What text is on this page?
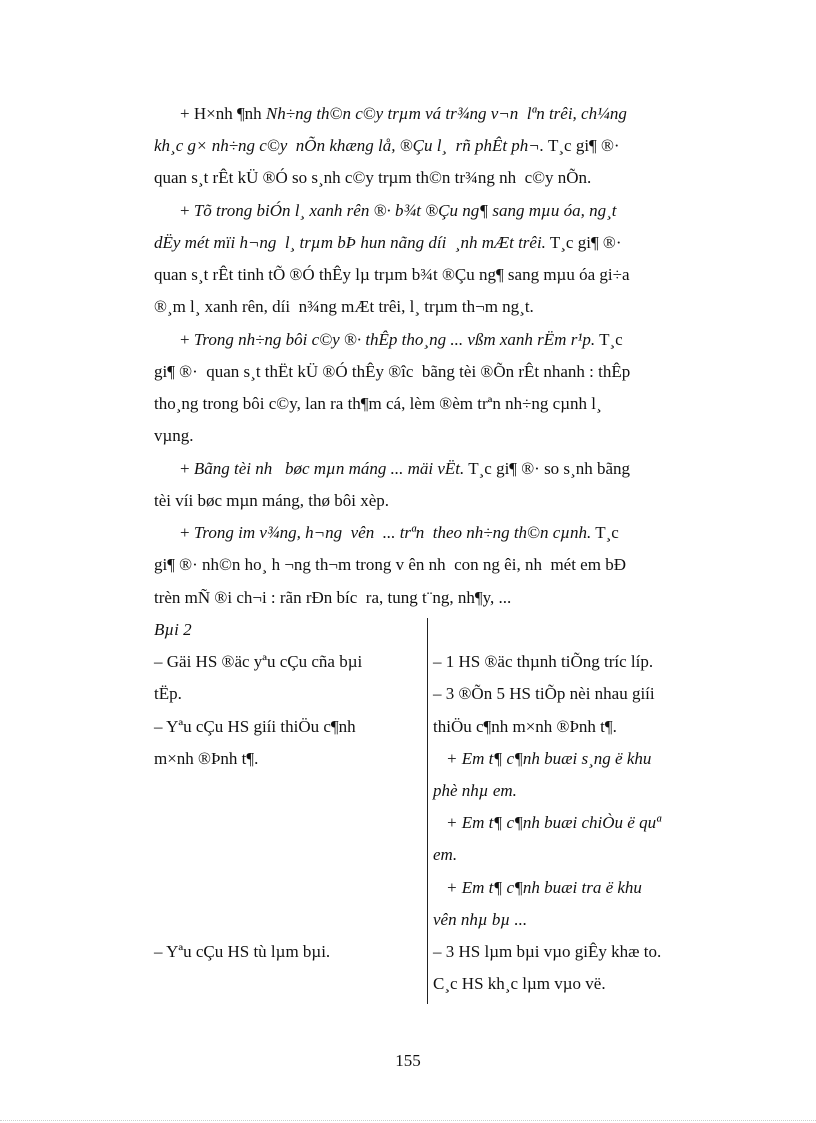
+ H×nh ¶nh Nh÷ng th©n c©y trµm vá tr¾ng v¬n  lªn trêi, ch¼ng
kh¸c g× nh÷ng c©y  nÕn khæng lå, ®Çu l¸  rñ phÊt ph¬. T¸c gi¶ ®·
quan s¸t rÊt kÜ ®Ó so s¸nh c©y trµm th©n tr¾ng nh  c©y nÕn.
+ Tõ trong biÓn l¸ xanh rên ®· b¾t ®Çu ng¶ sang mµu óa, ng¸t
dËy mét mïi h¬ng  l¸ trµm bÞ hun nãng díi  ¸nh mÆt trêi. T¸c gi¶ ®·
quan s¸t rÊt tinh tÕ ®Ó thÊy lµ trµm b¾t ®Çu ng¶ sang mµu óa gi÷a
®¸m l¸ xanh rên, díi  n¾ng mÆt trêi, l¸ trµm th¬m ng¸t.
+ Trong nh÷ng bôi c©y ®· thÊp tho¸ng ... vßm xanh rËm r¹p. T¸c
gi¶ ®·  quan s¸t thËt kÜ ®Ó thÊy ®îc  bãng tèi ®Õn rÊt nhanh : thÊp
tho¸ng trong bôi c©y, lan ra th¶m cá, lèm ®èm trªn nh÷ng cµnh l¸
vµng.
+ Bãng tèi nh   bøc mµn máng ... mäi vËt. T¸c gi¶ ®· so s¸nh bãng
tèi víi bøc mµn máng, thø bôi xèp.
+ Trong im v¾ng, h¬ng  vên  ... trªn  theo nh÷ng th©n cµnh. T¸c
gi¶ ®· nh©n ho¸ h ¬ng th¬m trong v ên nh  con ng êi, nh  mét em bÐ
trèn mÑ ®i ch¬i : rãn rÐn bíc  ra, tung t¨ng, nh¶y, ...
Bµi 2
– Gäi HS ®äc yªu cÇu cña bµi
tËp.
– Yªu cÇu HS giíi thiÖu c¶nh
m×nh ®Þnh t¶.
– Yªu cÇu HS tù lµm bµi.
– 1 HS ®äc thµnh tiÕng tríc líp.
– 3 ®Õn 5 HS tiÕp nèi nhau giíi
thiÖu c¶nh m×nh ®Þnh t¶.
+ Em t¶ c¶nh buæi s¸ng ë khu
phè nhµ em.
+ Em t¶ c¶nh buæi chiÒu ë quª
em.
+ Em t¶ c¶nh buæi tra ë khu
vên nhµ bµ ...
– 3 HS lµm bµi vµo giÊy khæ to.
C¸c HS kh¸c lµm vµo vë.
155
